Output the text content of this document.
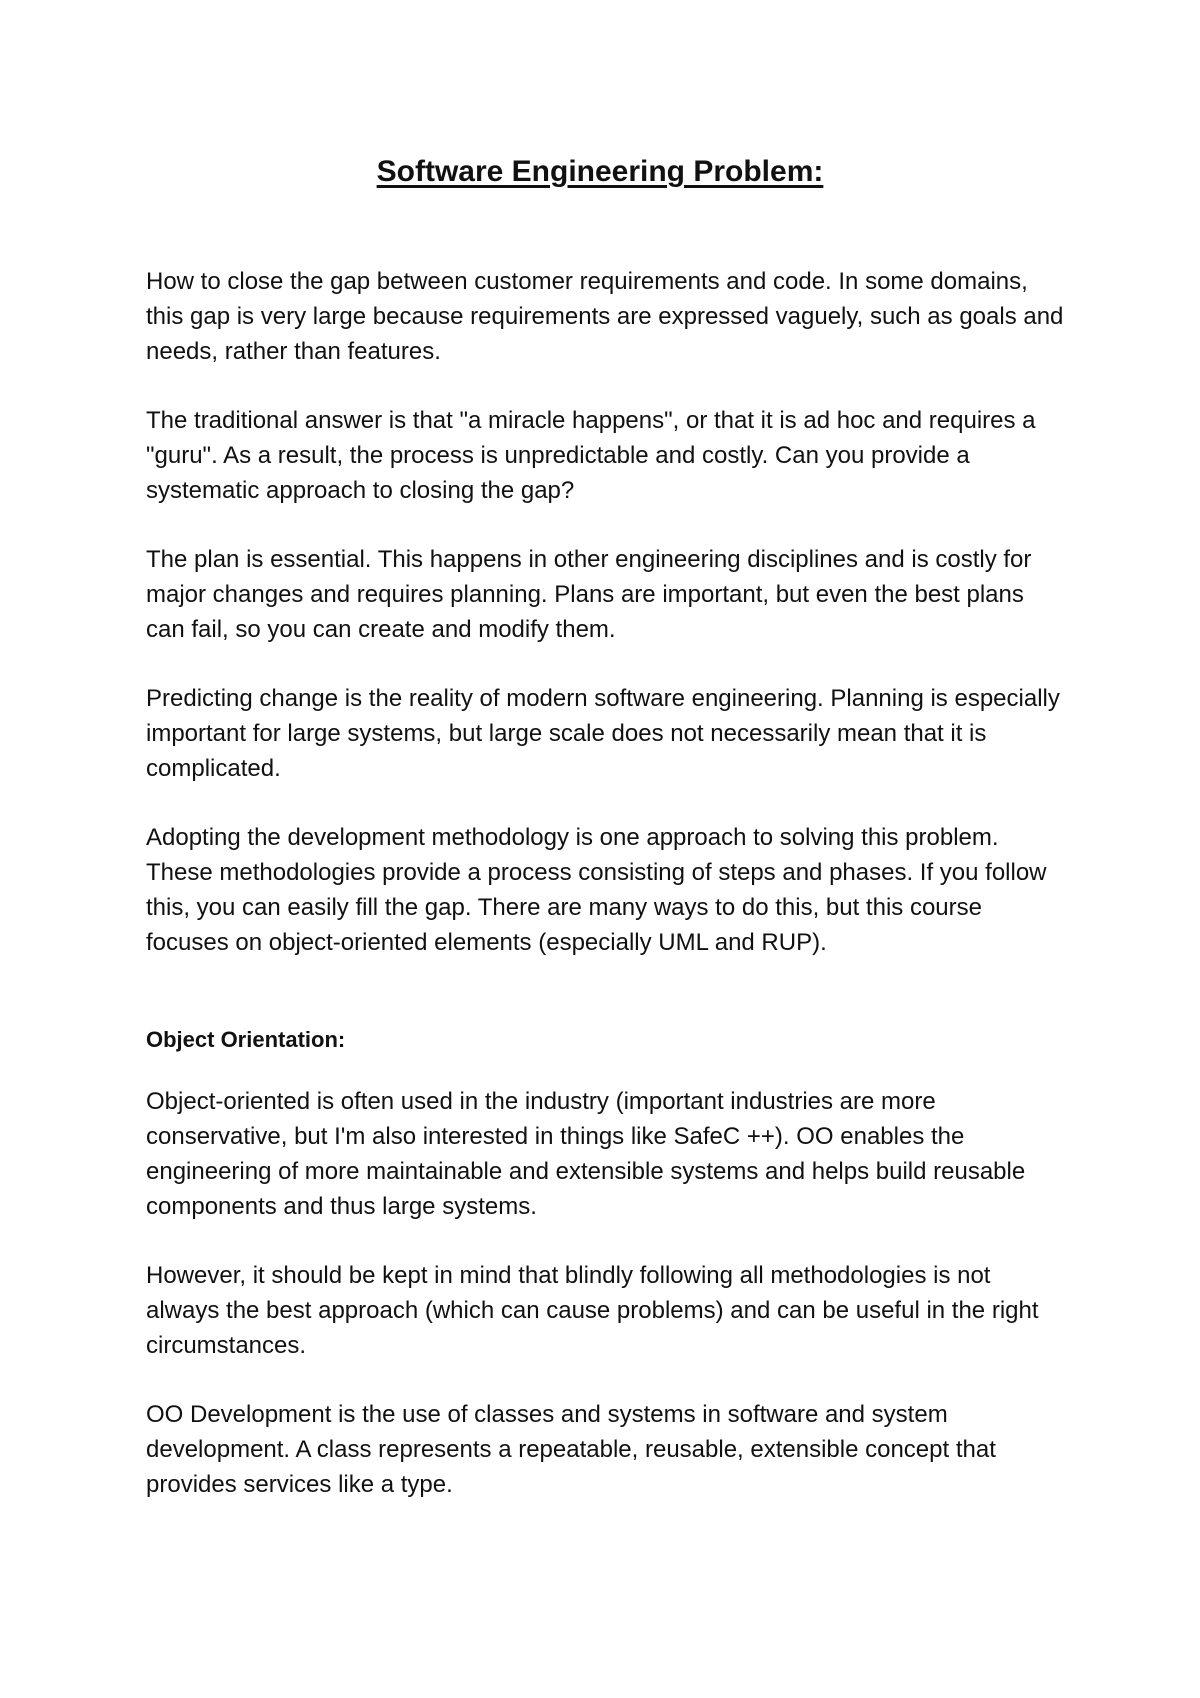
Software Engineering Problem:

How to close the gap between customer requirements and code. In some domains, this gap is very large because requirements are expressed vaguely, such as goals and needs, rather than features.

The traditional answer is that "a miracle happens", or that it is ad hoc and requires a "guru". As a result, the process is unpredictable and costly. Can you provide a systematic approach to closing the gap?

The plan is essential. This happens in other engineering disciplines and is costly for major changes and requires planning. Plans are important, but even the best plans can fail, so you can create and modify them.

Predicting change is the reality of modern software engineering. Planning is especially important for large systems, but large scale does not necessarily mean that it is complicated.

Adopting the development methodology is one approach to solving this problem. These methodologies provide a process consisting of steps and phases. If you follow this, you can easily fill the gap. There are many ways to do this, but this course focuses on object-oriented elements (especially UML and RUP).

Object Orientation:

Object-oriented is often used in the industry (important industries are more conservative, but I'm also interested in things like SafeC ++). OO enables the engineering of more maintainable and extensible systems and helps build reusable components and thus large systems.

However, it should be kept in mind that blindly following all methodologies is not always the best approach (which can cause problems) and can be useful in the right circumstances.

OO Development is the use of classes and systems in software and system development. A class represents a repeatable, reusable, extensible concept that provides services like a type.
